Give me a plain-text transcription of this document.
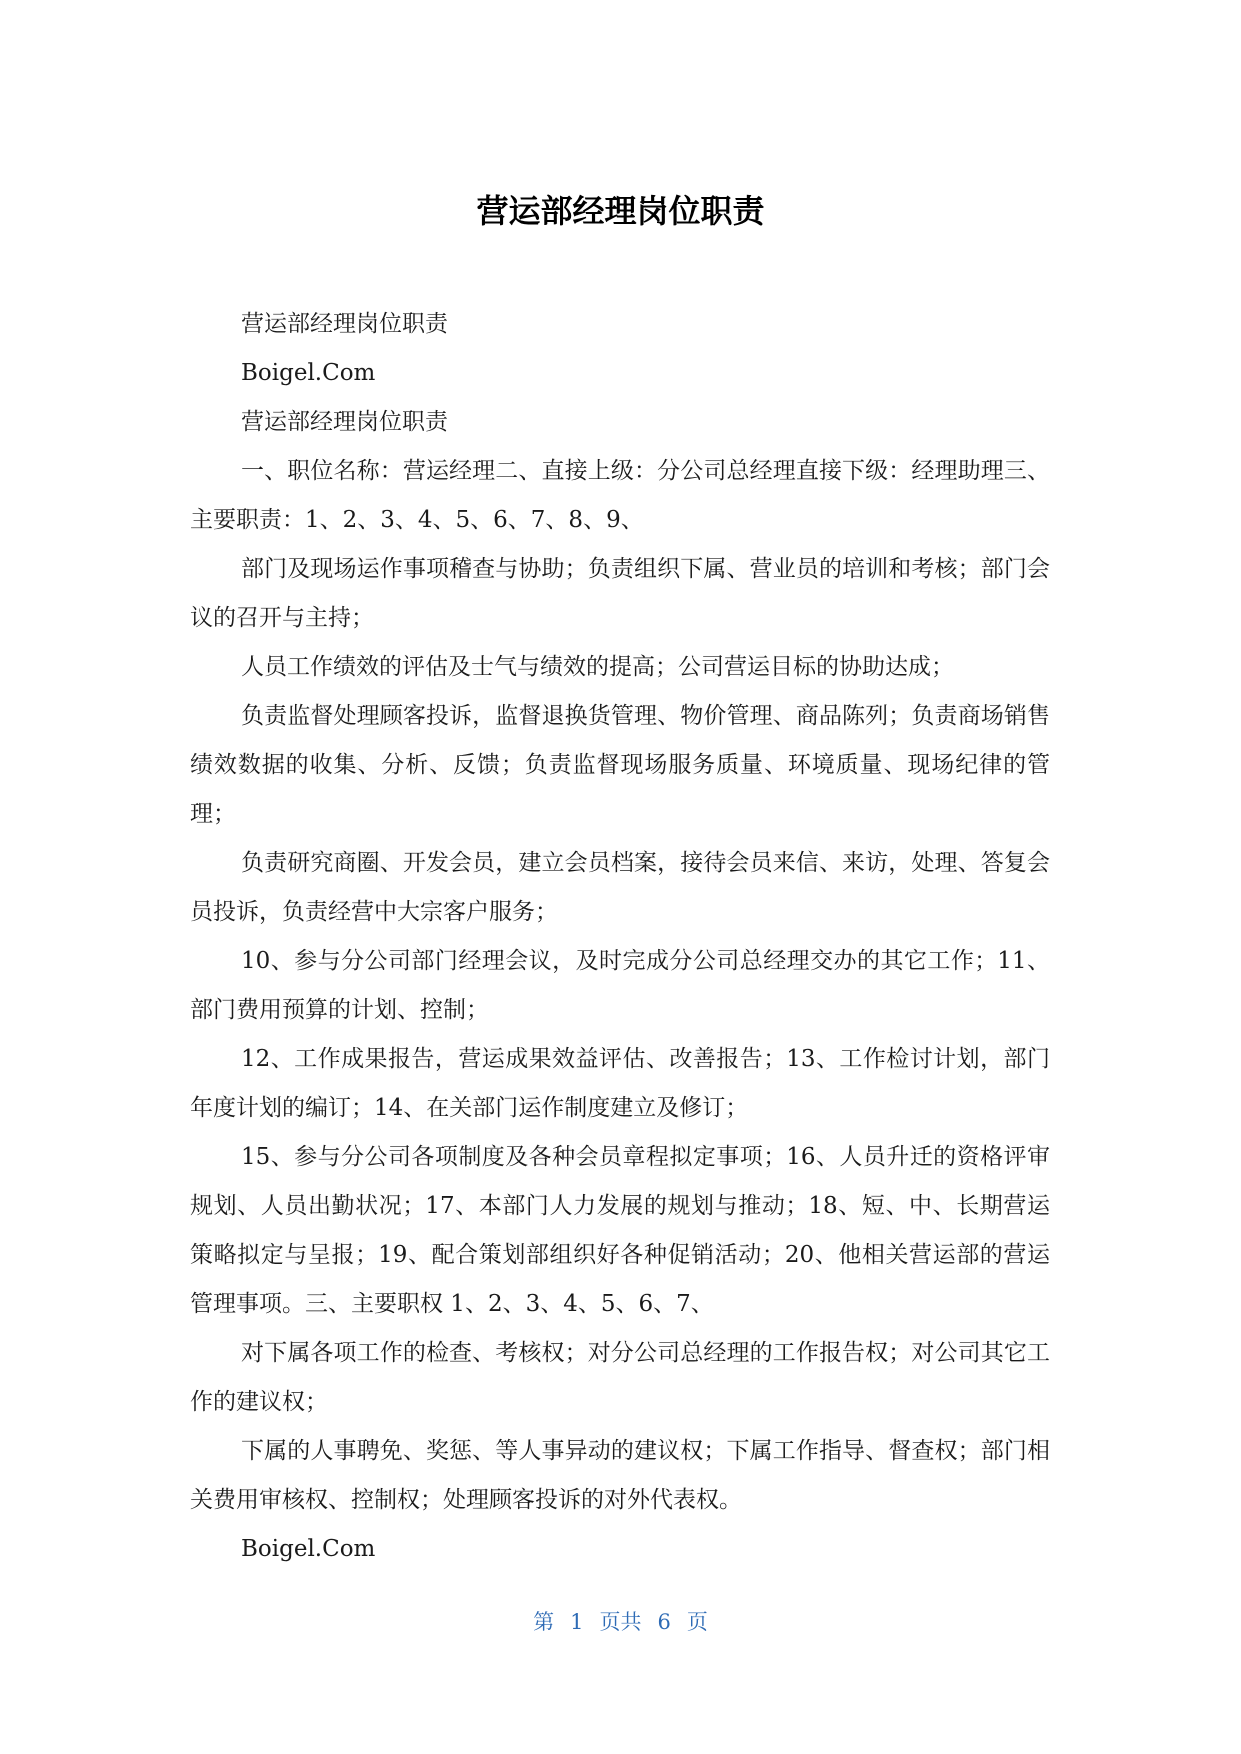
营运部经理岗位职责

营运部经理岗位职责

Boigel.Com

营运部经理岗位职责

一、职位名称：营运经理二、直接上级：分公司总经理直接下级：经理助理三、主要职责：1、2、3、4、5、6、7、8、9、

部门及现场运作事项稽查与协助；负责组织下属、营业员的培训和考核；部门会议的召开与主持；

人员工作绩效的评估及士气与绩效的提高；公司营运目标的协助达成；

负责监督处理顾客投诉，监督退换货管理、物价管理、商品陈列；负责商场销售绩效数据的收集、分析、反馈；负责监督现场服务质量、环境质量、现场纪律的管理；

负责研究商圈、开发会员，建立会员档案，接待会员来信、来访，处理、答复会员投诉，负责经营中大宗客户服务；

10、参与分公司部门经理会议，及时完成分公司总经理交办的其它工作；11、部门费用预算的计划、控制；

12、工作成果报告，营运成果效益评估、改善报告；13、工作检讨计划，部门年度计划的编订；14、在关部门运作制度建立及修订；

15、参与分公司各项制度及各种会员章程拟定事项；16、人员升迁的资格评审规划、人员出勤状况；17、本部门人力发展的规划与推动；18、短、中、长期营运策略拟定与呈报；19、配合策划部组织好各种促销活动；20、他相关营运部的营运管理事项。三、主要职权 1、2、3、4、5、6、7、

对下属各项工作的检查、考核权；对分公司总经理的工作报告权；对公司其它工作的建议权；

下属的人事聘免、奖惩、等人事异动的建议权；下属工作指导、督查权；部门相关费用审核权、控制权；处理顾客投诉的对外代表权。

Boigel.Com

第 1 页共 6 页
